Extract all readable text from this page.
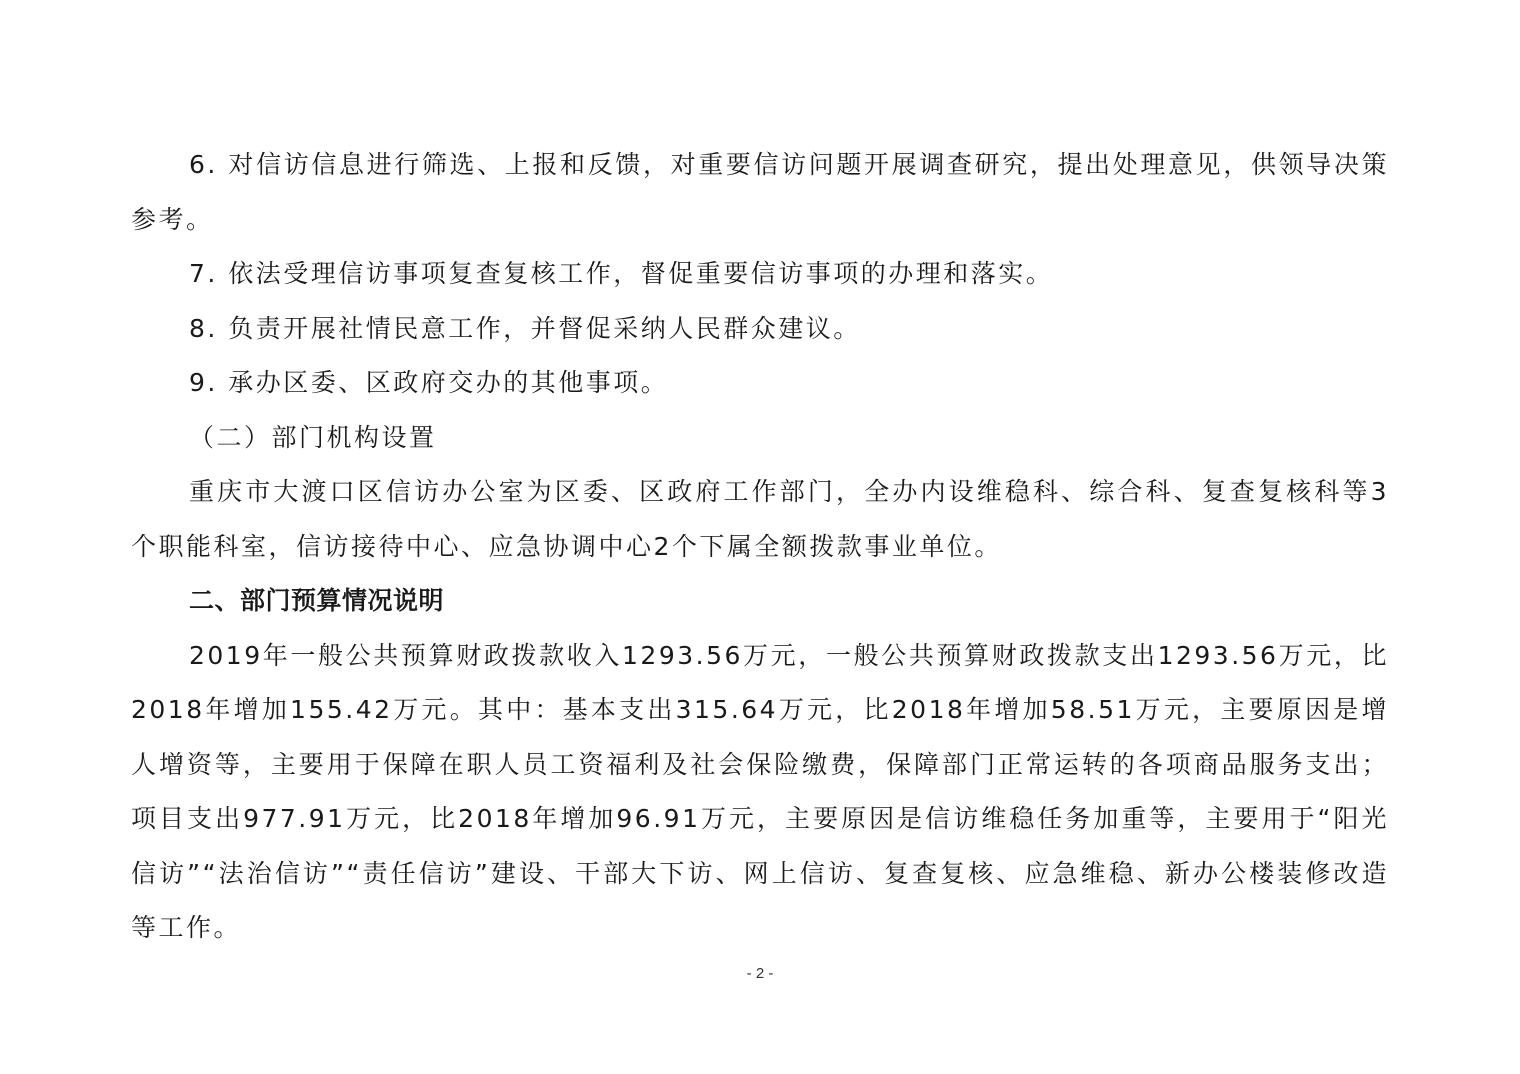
6. 对信访信息进行筛选、上报和反馈，对重要信访问题开展调查研究，提出处理意见，供领导决策参考。

7. 依法受理信访事项复查复核工作，督促重要信访事项的办理和落实。

8. 负责开展社情民意工作，并督促采纳人民群众建议。

9. 承办区委、区政府交办的其他事项。

（二）部门机构设置

重庆市大渡口区信访办公室为区委、区政府工作部门，全办内设维稳科、综合科、复查复核科等3个职能科室，信访接待中心、应急协调中心2个下属全额拨款事业单位。

二、部门预算情况说明

2019年一般公共预算财政拨款收入1293.56万元，一般公共预算财政拨款支出1293.56万元，比2018年增加155.42万元。其中：基本支出315.64万元，比2018年增加58.51万元，主要原因是增人增资等，主要用于保障在职人员工资福利及社会保险缴费，保障部门正常运转的各项商品服务支出；项目支出977.91万元，比2018年增加96.91万元，主要原因是信访维稳任务加重等，主要用于“阳光信访”“法治信访”“责任信访”建设、干部大下访、网上信访、复查复核、应急维稳、新办公楼装修改造等工作。

- 2 -
